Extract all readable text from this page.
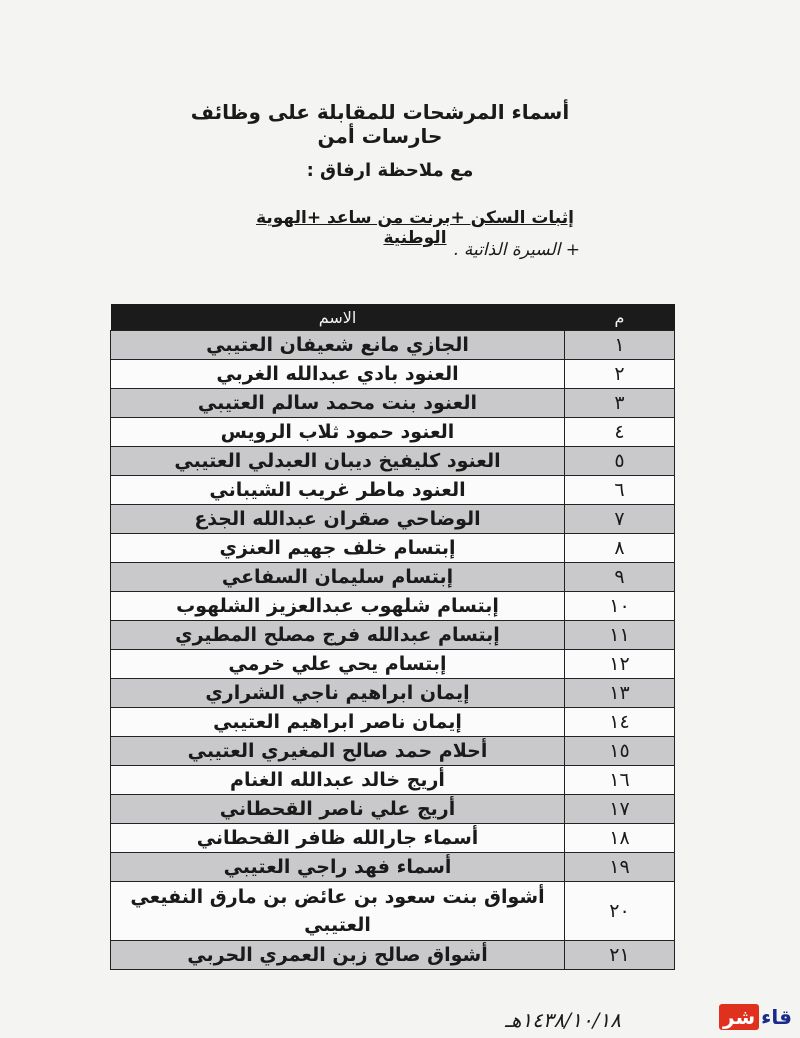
أسماء المرشحات للمقابلة على وظائف حارسات أمن
مع ملاحظة ارفاق :
إثبات السكن +برنت من ساعد +الهوية الوطنية
+ السيرة الذاتية .
م	الاسم
١	الجازي مانع شعيفان العتيبي
٢	العنود بادي عبدالله الغربي
٣	العنود بنت محمد سالم العتيبي
٤	العنود حمود ثلاب الرويس
٥	العنود كليفيخ ديبان العبدلي العتيبي
٦	العنود ماطر غريب الشيباني
٧	الوضاحي صقران عبدالله الجذع
٨	إبتسام خلف جهيم العنزي
٩	إبتسام سليمان السفاعي
١٠	إبتسام شلهوب عبدالعزيز الشلهوب
١١	إبتسام عبدالله فرج مصلح المطيري
١٢	إبتسام يحي علي خرمي
١٣	إيمان ابراهيم ناجي الشراري
١٤	إيمان ناصر ابراهيم العتيبي
١٥	أحلام حمد صالح المغيري العتيبي
١٦	أريج خالد عبدالله الغنام
١٧	أريج علي ناصر القحطاني
١٨	أسماء جارالله ظافر القحطاني
١٩	أسماء فهد راجي العتيبي
٢٠	أشواق بنت سعود بن عائض بن مارق النفيعي العتيبي
٢١	أشواق صالح زبن العمري الحربي
١٤٣٨/١٠/١٨هـ	قاء
شر
